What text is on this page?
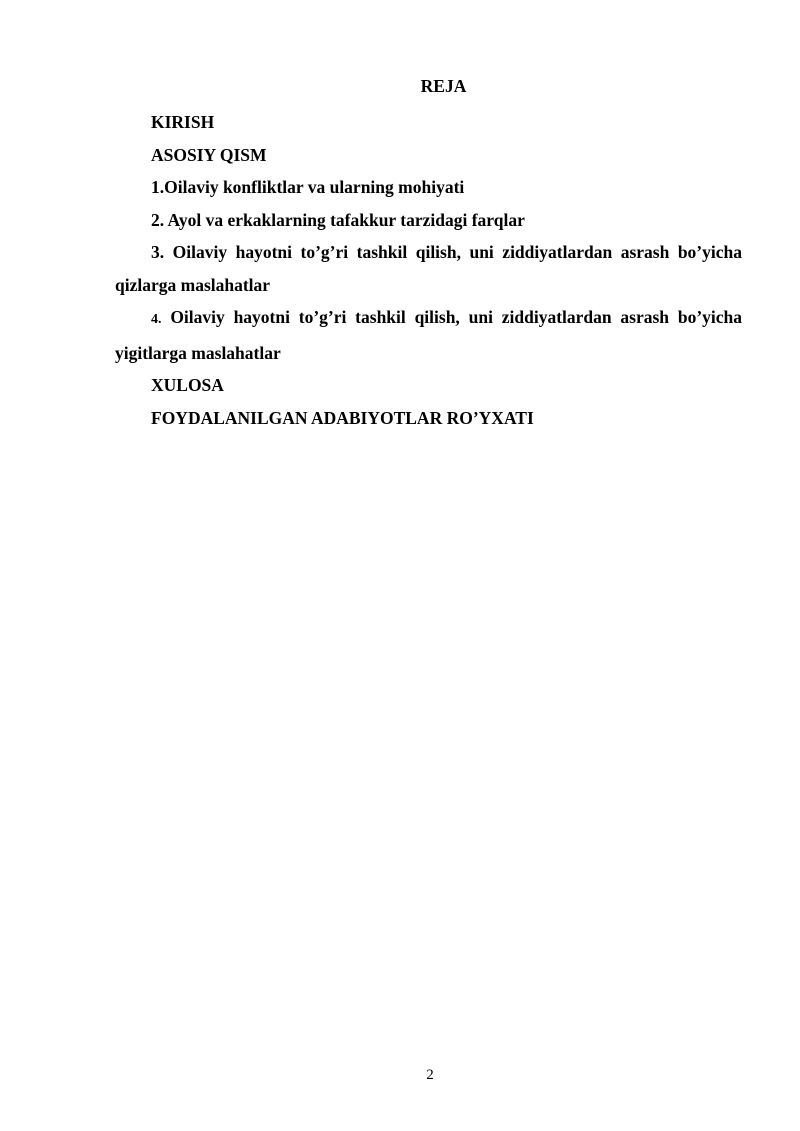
REJA

KIRISH

ASOSIY QISM

1.Oilaviy konfliktlar va ularning mohiyati

2. Ayol va erkaklarning tafakkur tarzidagi farqlar

3. Oilaviy hayotni to’g’ri tashkil qilish, uni ziddiyatlardan asrash bo’yicha qizlarga maslahatlar

4. Oilaviy hayotni to’g’ri tashkil qilish, uni ziddiyatlardan asrash bo’yicha yigitlarga maslahatlar

XULOSA

FOYDALANILGAN ADABIYOTLAR RO’YXATI

2
